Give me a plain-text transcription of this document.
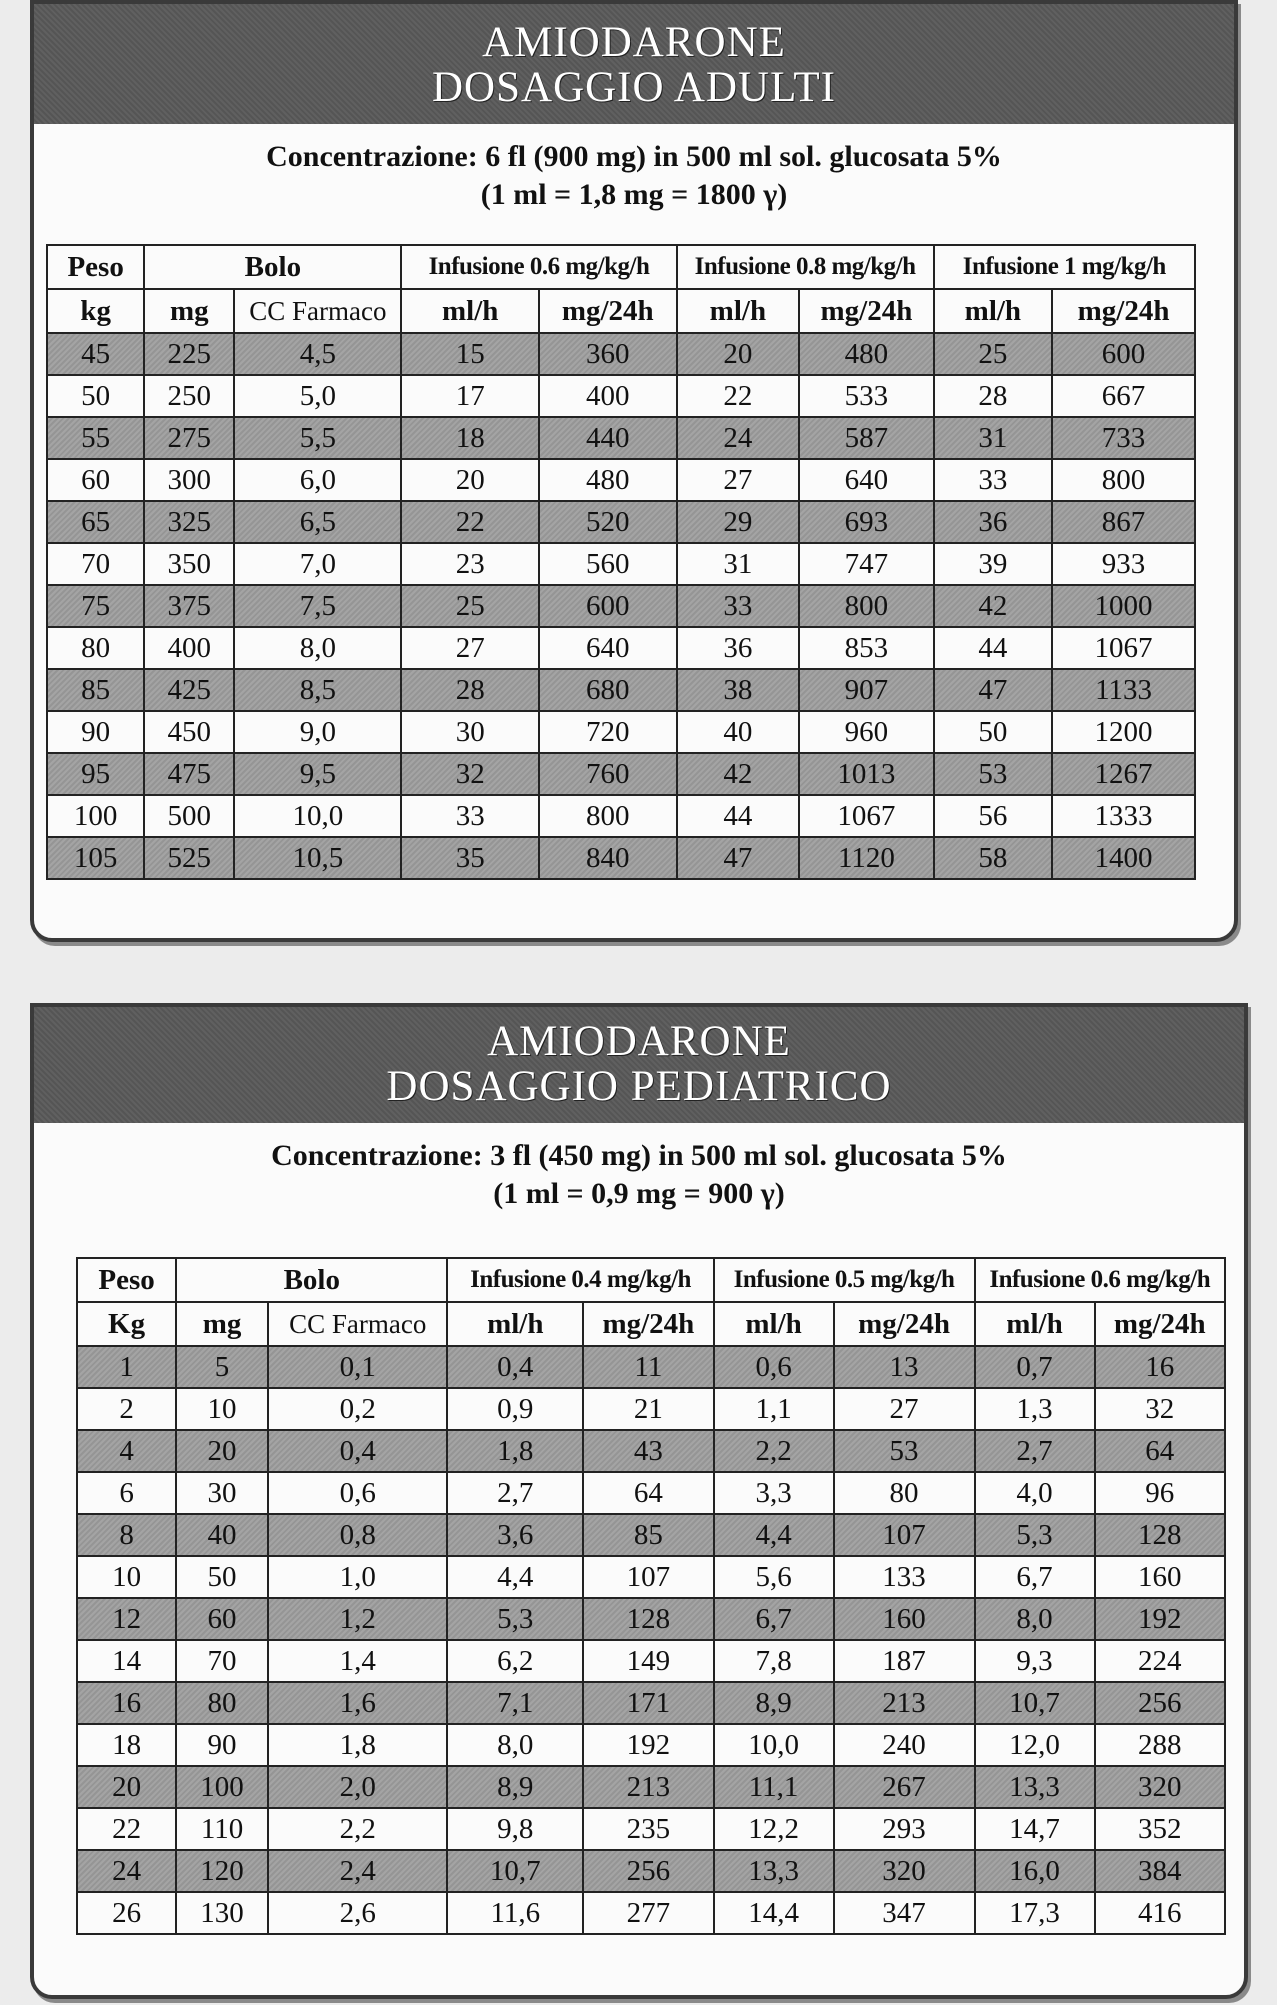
AMIODARONE
DOSAGGIO ADULTI
Concentrazione: 6 fl (900 mg) in 500 ml sol. glucosata 5%
(1 ml = 1,8 mg = 1800 γ)
Peso	Bolo		Infusione 0.6 mg/kg/h		Infusione 0.8 mg/kg/h		Infusione 1 mg/kg/h	
kg	mg	CC Farmaco	ml/h	mg/24h	ml/h	mg/24h	ml/h	mg/24h
45	225	4,5	15	360	20	480	25	600
50	250	5,0	17	400	22	533	28	667
55	275	5,5	18	440	24	587	31	733
60	300	6,0	20	480	27	640	33	800
65	325	6,5	22	520	29	693	36	867
70	350	7,0	23	560	31	747	39	933
75	375	7,5	25	600	33	800	42	1000
80	400	8,0	27	640	36	853	44	1067
85	425	8,5	28	680	38	907	47	1133
90	450	9,0	30	720	40	960	50	1200
95	475	9,5	32	760	42	1013	53	1267
100	500	10,0	33	800	44	1067	56	1333
105	525	10,5	35	840	47	1120	58	1400
AMIODARONE
DOSAGGIO PEDIATRICO
Concentrazione: 3 fl (450 mg) in 500 ml sol. glucosata 5%
(1 ml = 0,9 mg = 900 γ)
Peso	Bolo		Infusione 0.4 mg/kg/h		Infusione 0.5 mg/kg/h		Infusione 0.6 mg/kg/h	
Kg	mg	CC Farmaco	ml/h	mg/24h	ml/h	mg/24h	ml/h	mg/24h
1	5	0,1	0,4	11	0,6	13	0,7	16
2	10	0,2	0,9	21	1,1	27	1,3	32
4	20	0,4	1,8	43	2,2	53	2,7	64
6	30	0,6	2,7	64	3,3	80	4,0	96
8	40	0,8	3,6	85	4,4	107	5,3	128
10	50	1,0	4,4	107	5,6	133	6,7	160
12	60	1,2	5,3	128	6,7	160	8,0	192
14	70	1,4	6,2	149	7,8	187	9,3	224
16	80	1,6	7,1	171	8,9	213	10,7	256
18	90	1,8	8,0	192	10,0	240	12,0	288
20	100	2,0	8,9	213	11,1	267	13,3	320
22	110	2,2	9,8	235	12,2	293	14,7	352
24	120	2,4	10,7	256	13,3	320	16,0	384
26	130	2,6	11,6	277	14,4	347	17,3	416
